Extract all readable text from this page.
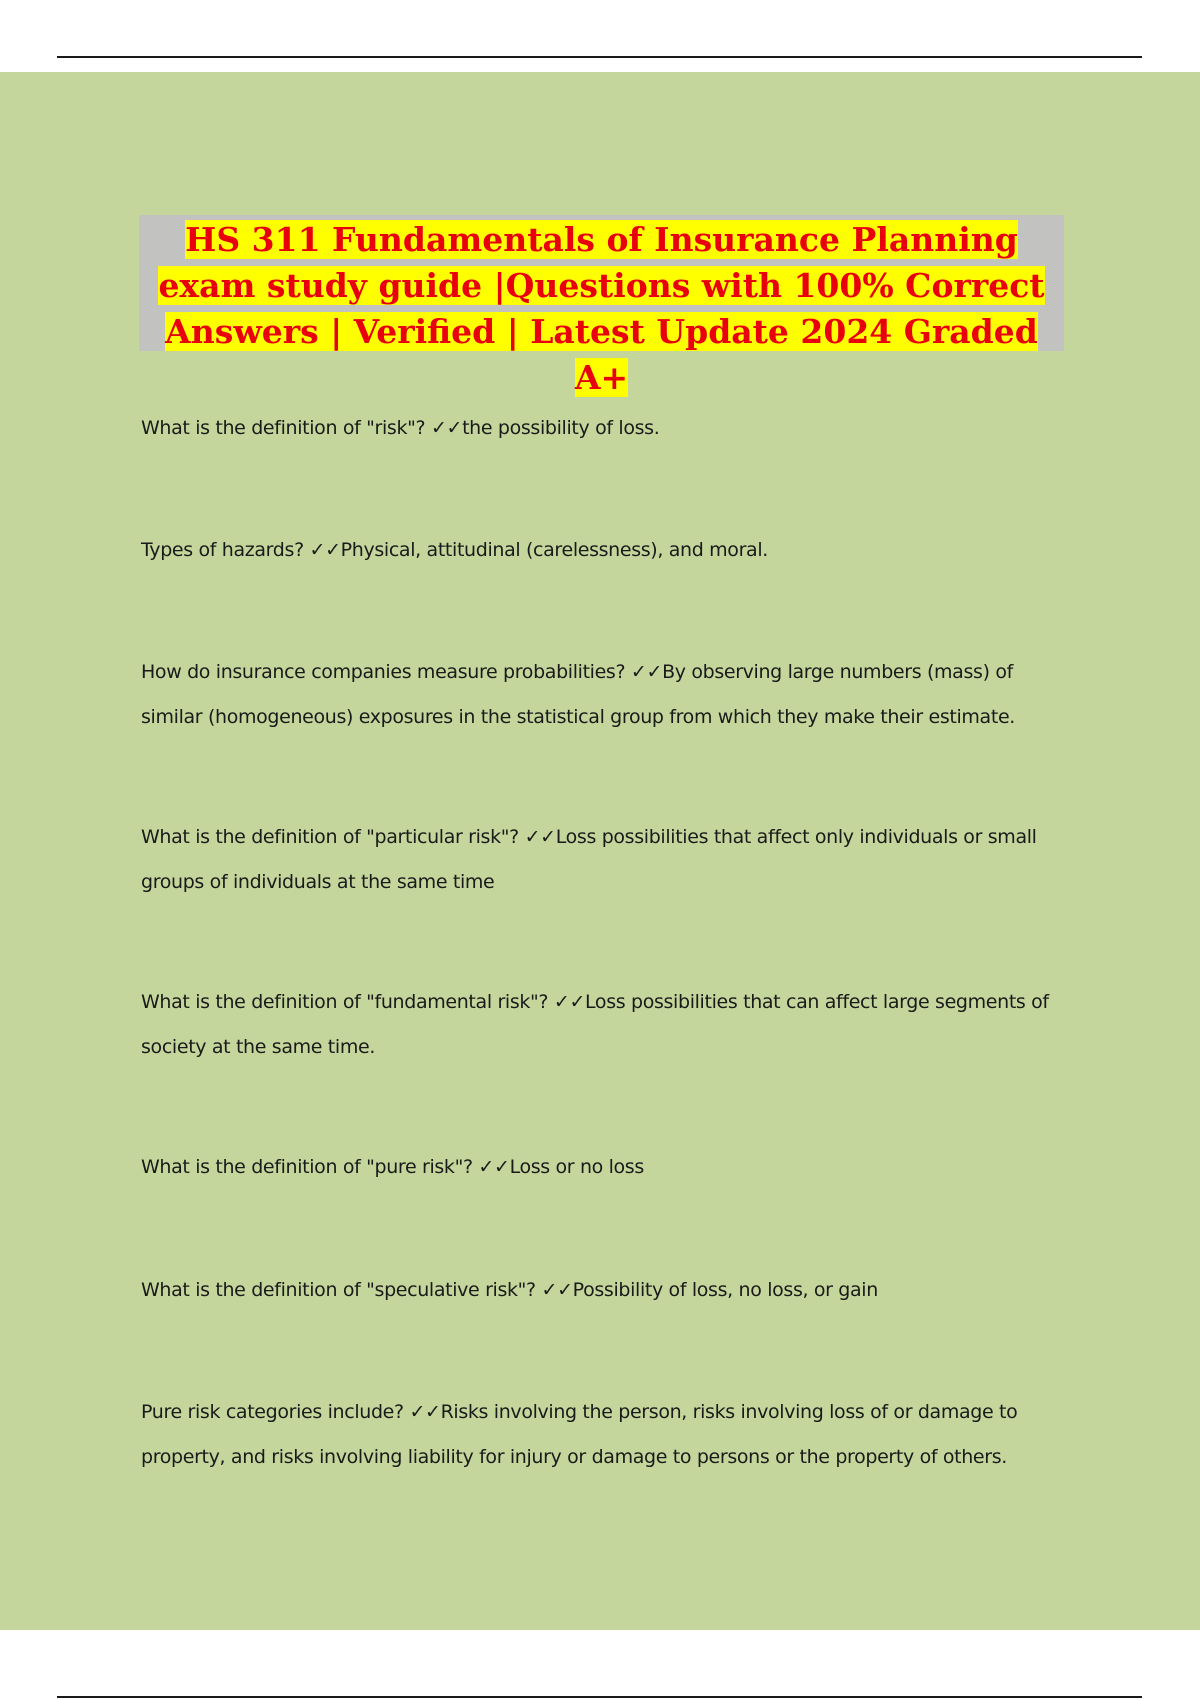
HS 311 Fundamentals of Insurance Planning exam study guide |Questions with 100% Correct Answers | Verified | Latest Update 2024 Graded A+

What is the definition of "risk"? ✓✓the possibility of loss.

Types of hazards? ✓✓Physical, attitudinal (carelessness), and moral.

How do insurance companies measure probabilities? ✓✓By observing large numbers (mass) of similar (homogeneous) exposures in the statistical group from which they make their estimate.

What is the definition of "particular risk"? ✓✓Loss possibilities that affect only individuals or small groups of individuals at the same time

What is the definition of "fundamental risk"? ✓✓Loss possibilities that can affect large segments of society at the same time.

What is the definition of "pure risk"? ✓✓Loss or no loss

What is the definition of "speculative risk"? ✓✓Possibility of loss, no loss, or gain

Pure risk categories include? ✓✓Risks involving the person, risks involving loss of or damage to property, and risks involving liability for injury or damage to persons or the property of others.
